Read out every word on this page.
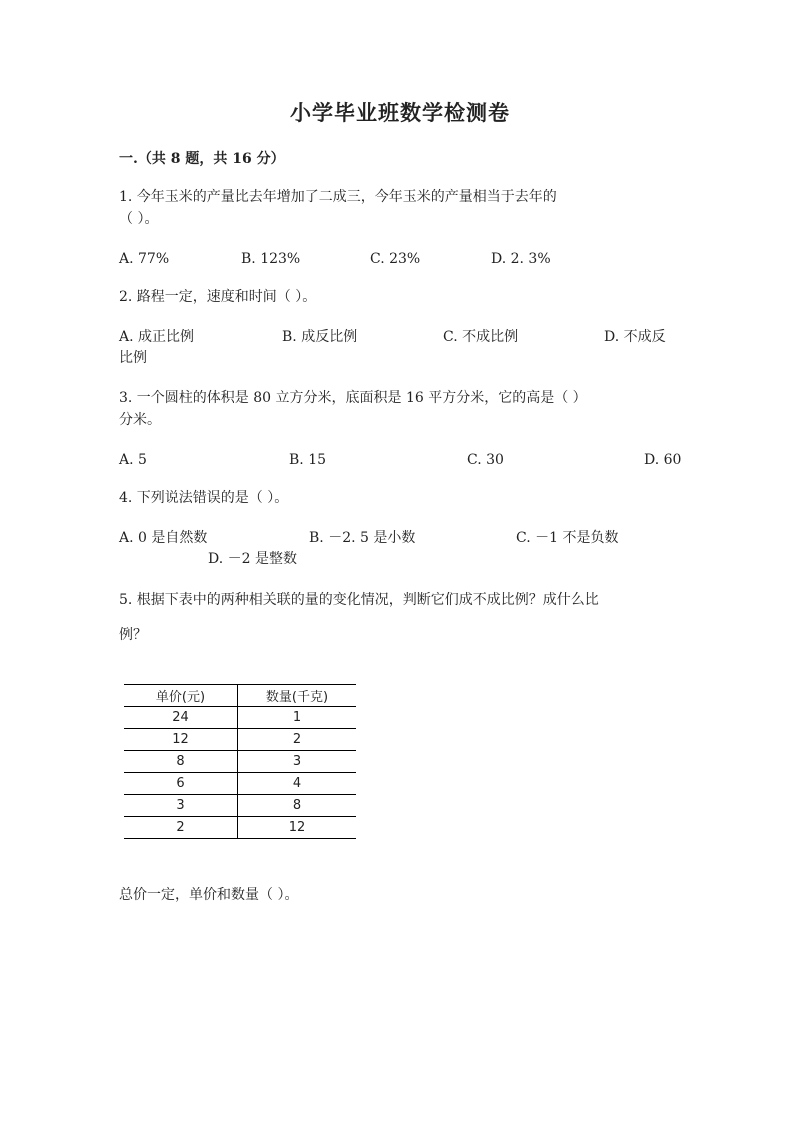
小学毕业班数学检测卷
一.（共 8 题，共 16 分）
1. 今年玉米的产量比去年增加了二成三，今年玉米的产量相当于去年的
（ ）。
A. 77%	B. 123%	C. 23%	D. 2. 3%
2. 路程一定，速度和时间（ ）。
A. 成正比例	B. 成反比例	C. 不成比例	D. 不成反
比例
3. 一个圆柱的体积是 80 立方分米，底面积是 16 平方分米，它的高是（ ）
分米。
A. 5	B. 15	C. 30	D. 60
4. 下列说法错误的是（ ）。
A. 0 是自然数	B. －2. 5 是小数	C. －1 不是负数
D. －2 是整数
5. 根据下表中的两种相关联的量的变化情况，判断它们成不成比例？成什么比
例？
单价(元)	数量(千克)
24	1
12	2
8	3
6	4
3	8
2	12
总价一定，单价和数量（ ）。
